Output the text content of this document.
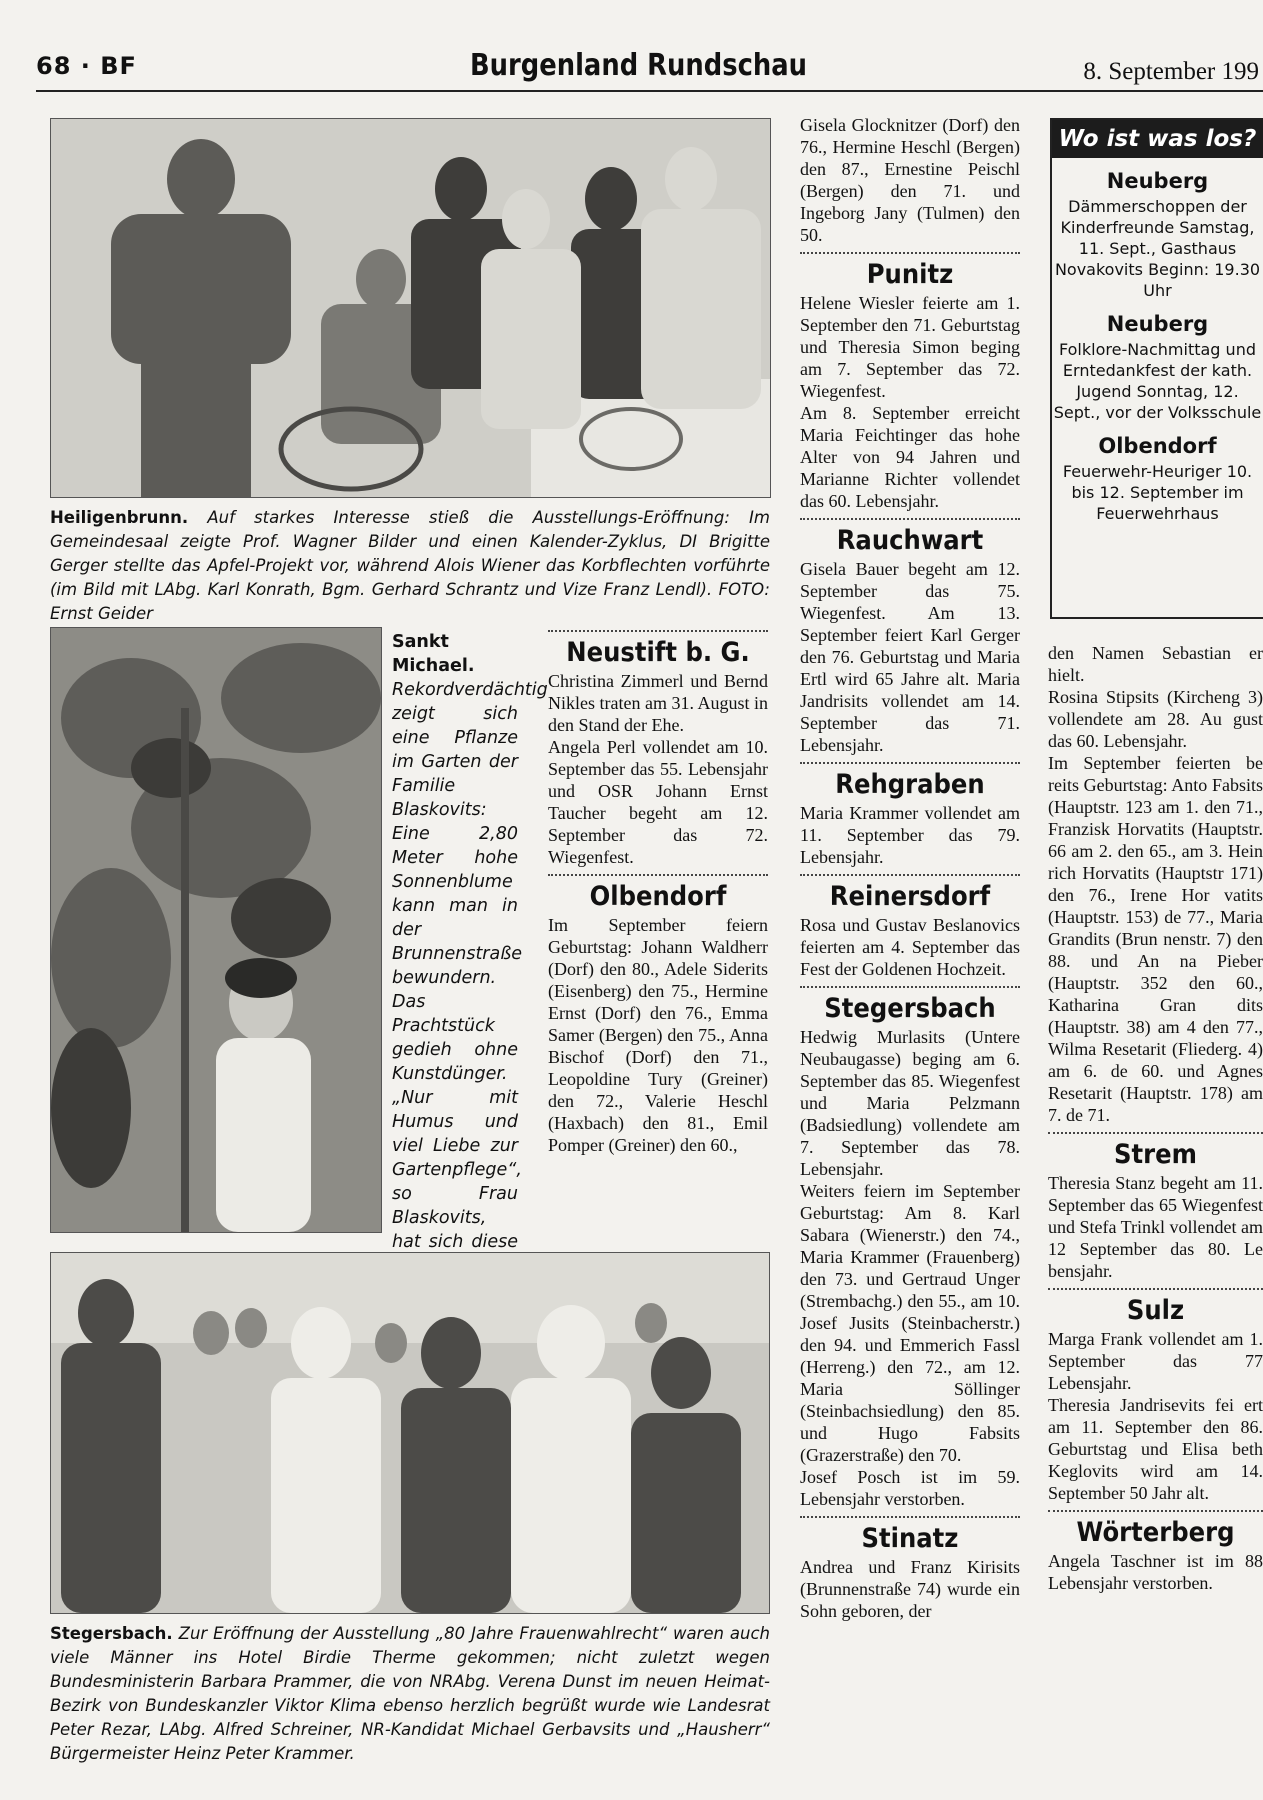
68 · BF	Burgenland Rundschau	8. September 199
Heiligenbrunn. Auf starkes Interesse stieß die Ausstellungs-Eröffnung: Im Gemeindesaal zeigte Prof. Wagner Bilder und einen Kalender-Zyklus, DI Brigitte Gerger stellte das Apfel-Projekt vor, während Alois Wiener das Korbflechten vorführte (im Bild mit LAbg. Karl Konrath, Bgm. Gerhard Schrantz und Vize Franz Lendl). FOTO: Ernst Geider
Sankt Michael. Rekordverdächtig zeigt sich eine Pflanze im Garten der Familie Blaskovits: Eine 2,80 Meter hohe Sonnenblume kann man in der Brunnenstraße bewundern. Das Prachtstück gedieh ohne Kunstdünger. „Nur mit Humus und viel Liebe zur Gartenpflege“, so Frau Blaskovits, hat sich diese
Stegersbach. Zur Eröffnung der Ausstellung „80 Jahre Frauenwahlrecht“ waren auch viele Männer ins Hotel Birdie Therme gekommen; nicht zuletzt wegen Bundesministerin Barbara Prammer, die von NRAbg. Verena Dunst im neuen Heimat-Bezirk von Bundeskanzler Viktor Klima ebenso herzlich begrüßt wurde wie Landesrat Peter Rezar, LAbg. Alfred Schreiner, NR-Kandidat Michael Gerbavsits und „Hausherr“ Bürgermeister Heinz Peter Krammer.
Neustift b. G.

Christina Zimmerl und Bernd Nikles traten am 31. August in den Stand der Ehe.

Angela Perl vollendet am 10. September das 55. Lebensjahr und OSR Johann Ernst Taucher begeht am 12. September das 72. Wiegenfest.

Olbendorf

Im September feiern Geburtstag: Johann Waldherr (Dorf) den 80., Adele Siderits (Eisenberg) den 75., Hermine Ernst (Dorf) den 76., Emma Samer (Bergen) den 75., Anna Bischof (Dorf) den 71., Leopoldine Tury (Greiner) den 72., Valerie Heschl (Haxbach) den 81., Emil Pomper (Greiner) den 60.,

Gisela Glocknitzer (Dorf) den 76., Hermine Heschl (Bergen) den 87., Ernestine Peischl (Bergen) den 71. und Ingeborg Jany (Tulmen) den 50.

Punitz

Helene Wiesler feierte am 1. September den 71. Geburtstag und Theresia Simon beging am 7. September das 72. Wiegenfest.

Am 8. September erreicht Maria Feichtinger das hohe Alter von 94 Jahren und Marianne Richter vollendet das 60. Lebensjahr.

Rauchwart

Gisela Bauer begeht am 12. September das 75. Wiegenfest. Am 13. September feiert Karl Gerger den 76. Geburtstag und Maria Ertl wird 65 Jahre alt. Maria Jandrisits vollendet am 14. September das 71. Lebensjahr.

Rehgraben

Maria Krammer vollendet am 11. September das 79. Lebensjahr.

Reinersdorf

Rosa und Gustav Beslanovics feierten am 4. September das Fest der Goldenen Hochzeit.

Stegersbach

Hedwig Murlasits (Untere Neubaugasse) beging am 6. September das 85. Wiegenfest und Maria Pelzmann (Badsiedlung) vollendete am 7. September das 78. Lebensjahr.

Weiters feiern im September Geburtstag: Am 8. Karl Sabara (Wienerstr.) den 74., Maria Krammer (Frauenberg) den 73. und Gertraud Unger (Strembachg.) den 55., am 10. Josef Jusits (Steinbacherstr.) den 94. und Emmerich Fassl (Herreng.) den 72., am 12. Maria Söllinger (Steinbachsiedlung) den 85. und Hugo Fabsits (Grazerstraße) den 70.

Josef Posch ist im 59. Lebensjahr verstorben.

Stinatz

Andrea und Franz Kirisits (Brunnenstraße 74) wurde ein Sohn geboren, der

Wo ist was los?
Neuberg
Dämmerschoppen der Kinderfreunde Samstag, 11. Sept., Gasthaus Novakovits Beginn: 19.30 Uhr
Neuberg
Folklore-Nachmittag und Erntedankfest der kath. Jugend Sonntag, 12. Sept., vor der Volksschule
Olbendorf
Feuerwehr-Heuriger 10. bis 12. September im Feuerwehrhaus

den Namen Sebastian er hielt.

Rosina Stipsits (Kircheng 3) vollendete am 28. Au gust das 60. Lebensjahr.

Im September feierten be reits Geburtstag: Anto Fabsits (Hauptstr. 123 am 1. den 71., Franzisk Horvatits (Hauptstr. 66 am 2. den 65., am 3. Hein rich Horvatits (Hauptstr 171) den 76., Irene Hor vatits (Hauptstr. 153) de 77., Maria Grandits (Brun nenstr. 7) den 88. und An na Pieber (Hauptstr. 352 den 60., Katharina Gran dits (Hauptstr. 38) am 4 den 77., Wilma Resetarit (Fliederg. 4) am 6. de 60. und Agnes Resetarit (Hauptstr. 178) am 7. de 71.

Strem

Theresia Stanz begeht am 11. September das 65 Wiegenfest und Stefa Trinkl vollendet am 12 September das 80. Le bensjahr.

Sulz

Marga Frank vollendet am 1. September das 77 Lebensjahr.

Theresia Jandrisevits fei ert am 11. September den 86. Geburtstag und Elisa beth Keglovits wird am 14. September 50 Jahr alt.

Wörterberg

Angela Taschner ist im 88 Lebensjahr verstorben.
